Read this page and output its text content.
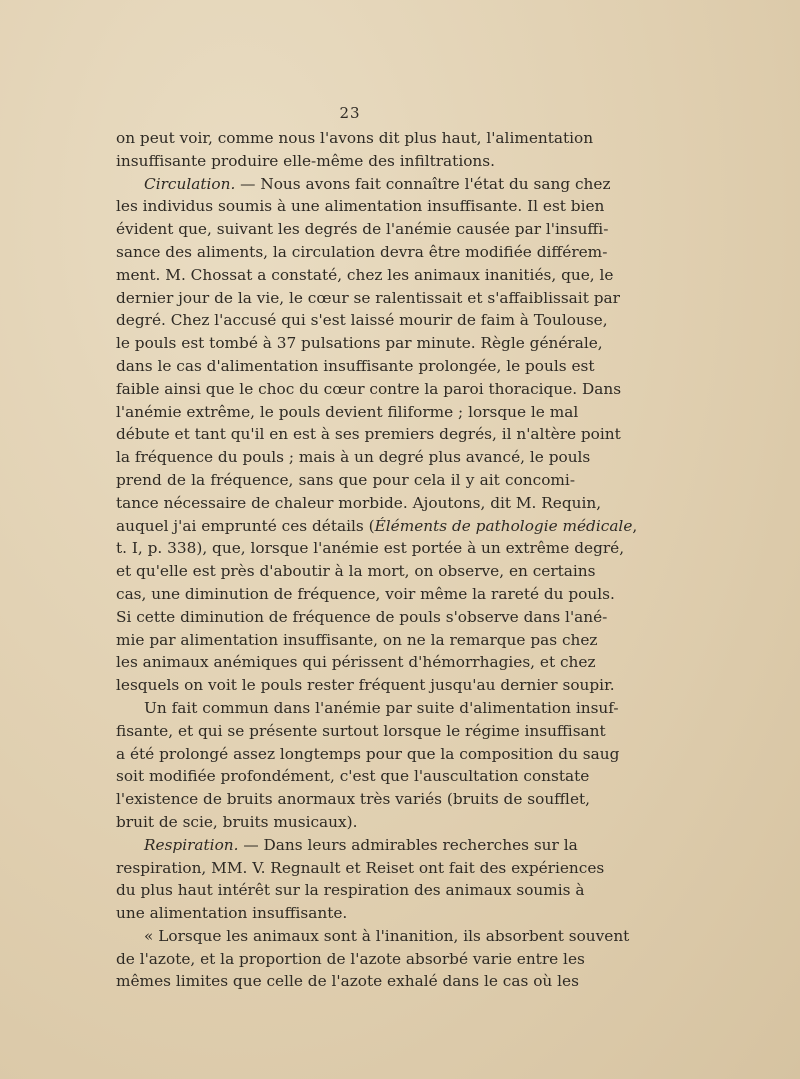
23
on peut voir, comme nous l'avons dit plus haut, l'alimentation
insuffisante produire elle-même des infiltrations.
Circulation. — Nous avons fait connaître l'état du sang chez
les individus soumis à une alimentation insuffisante. Il est bien
évident que, suivant les degrés de l'anémie causée par l'insuffi-
sance des aliments, la circulation devra être modifiée différem-
ment. M. Chossat a constaté, chez les animaux inanitiés, que, le
dernier jour de la vie, le cœur se ralentissait et s'affaiblissait par
degré. Chez l'accusé qui s'est laissé mourir de faim à Toulouse,
le pouls est tombé à 37 pulsations par minute. Règle générale,
dans le cas d'alimentation insuffisante prolongée, le pouls est
faible ainsi que le choc du cœur contre la paroi thoracique. Dans
l'anémie extrême, le pouls devient filiforme ; lorsque le mal
débute et tant qu'il en est à ses premiers degrés, il n'altère point
la fréquence du pouls ; mais à un degré plus avancé, le pouls
prend de la fréquence, sans que pour cela il y ait concomi-
tance nécessaire de chaleur morbide. Ajoutons, dit M. Requin,
auquel j'ai emprunté ces détails (Éléments de pathologie médicale,
t. I, p. 338), que, lorsque l'anémie est portée à un extrême degré,
et qu'elle est près d'aboutir à la mort, on observe, en certains
cas, une diminution de fréquence, voir même la rareté du pouls.
Si cette diminution de fréquence de pouls s'observe dans l'ané-
mie par alimentation insuffisante, on ne la remarque pas chez
les animaux anémiques qui périssent d'hémorrhagies, et chez
lesquels on voit le pouls rester fréquent jusqu'au dernier soupir.
Un fait commun dans l'anémie par suite d'alimentation insuf-
fisante, et qui se présente surtout lorsque le régime insuffisant
a été prolongé assez longtemps pour que la composition du saug
soit modifiée profondément, c'est que l'auscultation constate
l'existence de bruits anormaux très variés (bruits de soufflet,
bruit de scie, bruits musicaux).
Respiration. — Dans leurs admirables recherches sur la
respiration, MM. V. Regnault et Reiset ont fait des expériences
du plus haut intérêt sur la respiration des animaux soumis à
une alimentation insuffisante.
« Lorsque les animaux sont à l'inanition, ils absorbent souvent
de l'azote, et la proportion de l'azote absorbé varie entre les
mêmes limites que celle de l'azote exhalé dans le cas où les
